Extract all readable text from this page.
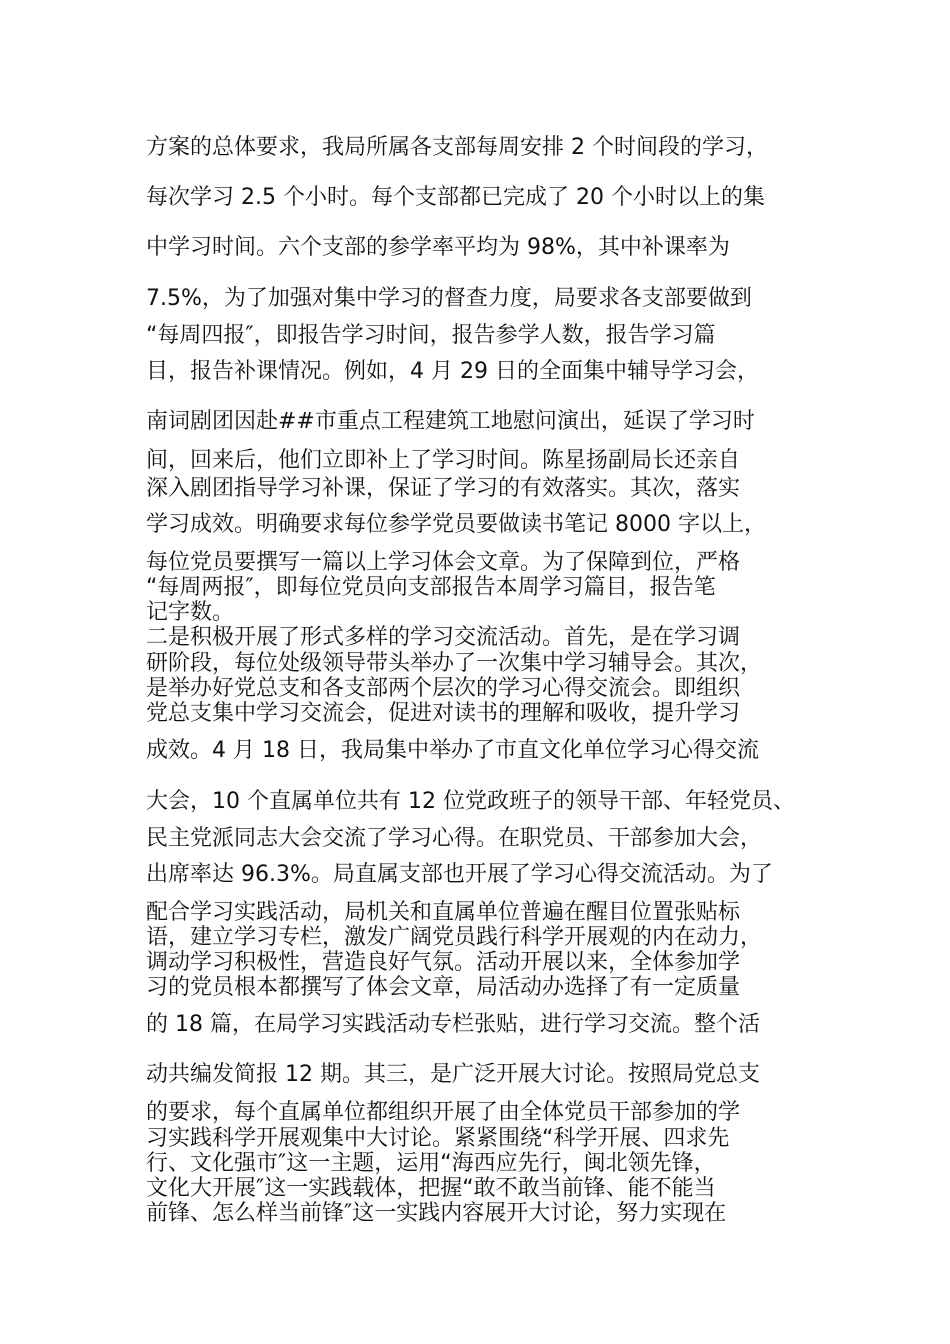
方案的总体要求，我局所属各支部每周安排 2 个时间段的学习，
每次学习 2.5 个小时。每个支部都已完成了 20 个小时以上的集
中学习时间。六个支部的参学率平均为 98%，其中补课率为
7.5%，为了加强对集中学习的督查力度，局要求各支部要做到
“每周四报″，即报告学习时间，报告参学人数，报告学习篇
目，报告补课情况。例如，4 月 29 日的全面集中辅导学习会，
南词剧团因赴##市重点工程建筑工地慰问演出，延误了学习时
间，回来后，他们立即补上了学习时间。陈星扬副局长还亲自
深入剧团指导学习补课，保证了学习的有效落实。其次，落实
学习成效。明确要求每位参学党员要做读书笔记 8000 字以上，
每位党员要撰写一篇以上学习体会文章。为了保障到位，严格
“每周两报″，即每位党员向支部报告本周学习篇目，报告笔
记字数。
二是积极开展了形式多样的学习交流活动。首先，是在学习调
研阶段，每位处级领导带头举办了一次集中学习辅导会。其次，
是举办好党总支和各支部两个层次的学习心得交流会。即组织
党总支集中学习交流会，促进对读书的理解和吸收，提升学习
成效。4 月 18 日，我局集中举办了市直文化单位学习心得交流
大会，10 个直属单位共有 12 位党政班子的领导干部、年轻党员、
民主党派同志大会交流了学习心得。在职党员、干部参加大会，
出席率达 96.3%。局直属支部也开展了学习心得交流活动。为了
配合学习实践活动，局机关和直属单位普遍在醒目位置张贴标
语，建立学习专栏，激发广阔党员践行科学开展观的内在动力，
调动学习积极性，营造良好气氛。活动开展以来，全体参加学
习的党员根本都撰写了体会文章，局活动办选择了有一定质量
的 18 篇，在局学习实践活动专栏张贴，进行学习交流。整个活
动共编发简报 12 期。其三，是广泛开展大讨论。按照局党总支
的要求，每个直属单位都组织开展了由全体党员干部参加的学
习实践科学开展观集中大讨论。紧紧围绕“科学开展、四求先
行、文化强市″这一主题，运用“海西应先行，闽北领先锋，
文化大开展″这一实践载体，把握“敢不敢当前锋、能不能当
前锋、怎么样当前锋″这一实践内容展开大讨论，努力实现在
